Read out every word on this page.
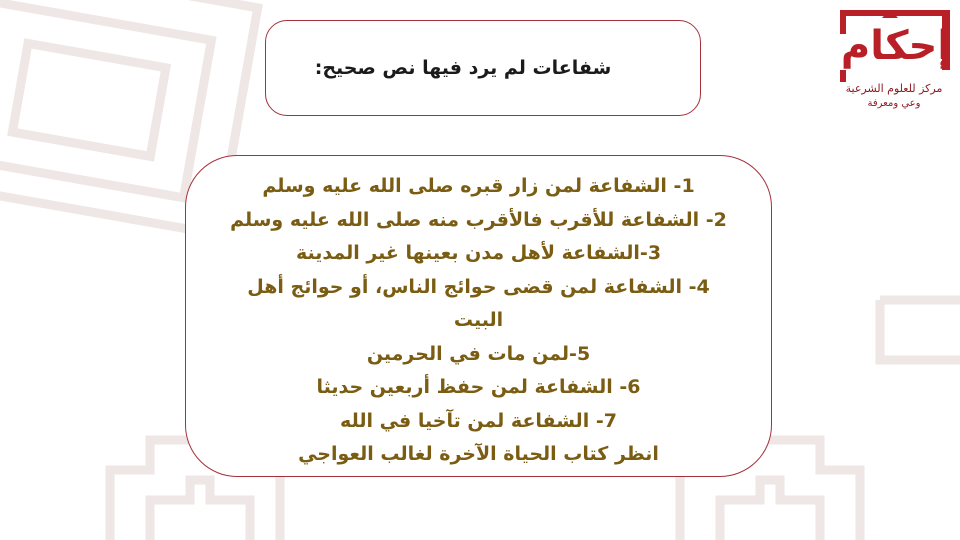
إحكام
مركز للعلوم الشرعية
وعي ومعرفة
شفاعات لم يرد فيها نص صحيح:
1- الشفاعة لمن زار قبره صلى الله عليه وسلم
2- الشفاعة للأقرب فالأقرب منه صلى الله عليه وسلم
3-الشفاعة لأهل مدن بعينها غير المدينة
4- الشفاعة لمن قضى حوائج الناس، أو حوائج أهل
البيت
5-لمن مات في الحرمين
6- الشفاعة لمن حفظ أربعين حديثا
7- الشفاعة لمن تآخيا في الله
انظر كتاب الحياة الآخرة لغالب العواجي
